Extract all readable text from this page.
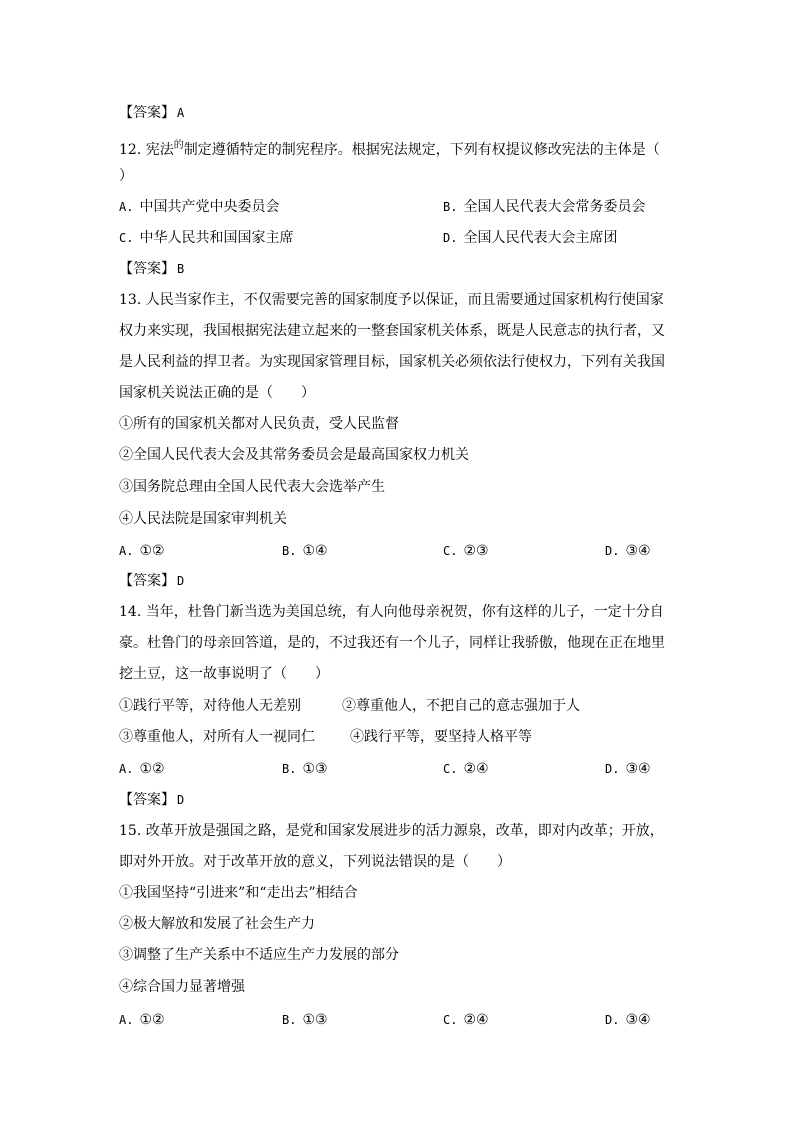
【答案】 A
12. 宪法$^的$制定遵循特定的制宪程序。根据宪法规定，下列有权提议修改宪法的主体是（
）
A. 中国共产党中央委员会	B. 全国人民代表大会常务委员会
C. 中华人民共和国国家主席	D. 全国人民代表大会主席团
【答案】 B
13. 人民当家作主，不仅需要完善的国家制度予以保证，而且需要通过国家机构行使国家
权力来实现，我国根据宪法建立起来的一整套国家机关体系，既是人民意志的执行者，又
是人民利益的捍卫者。为实现国家管理目标，国家机关必须依法行使权力，下列有关我国
国家机关说法正确的是（　　）
①所有的国家机关都对人民负责，受人民监督
②全国人民代表大会及其常务委员会是最高国家权力机关
③国务院总理由全国人民代表大会选举产生
④人民法院是国家审判机关
A. ①②	B. ①④	C. ②③	D. ③④
【答案】 D
14. 当年，杜鲁门新当选为美国总统，有人向他母亲祝贺，你有这样的儿子，一定十分自
豪。杜鲁门的母亲回答道，是的，不过我还有一个儿子，同样让我骄傲，他现在正在地里
挖土豆，这一故事说明了（　　）
①践行平等，对待他人无差别	②尊重他人，不把自己的意志强加于人
③尊重他人，对所有人一视同仁	④践行平等，要坚持人格平等
A. ①②	B. ①③	C. ②④	D. ③④
【答案】 D
15. 改革开放是强国之路，是党和国家发展进步的活力源泉，改革，即对内改革；开放，
即对外开放。对于改革开放的意义，下列说法错误的是（　　）
①我国坚持“引进来”和“走出去”相结合
②极大解放和发展了社会生产力
③调整了生产关系中不适应生产力发展的部分
④综合国力显著增强
A. ①②	B. ①③	C. ②④	D. ③④
